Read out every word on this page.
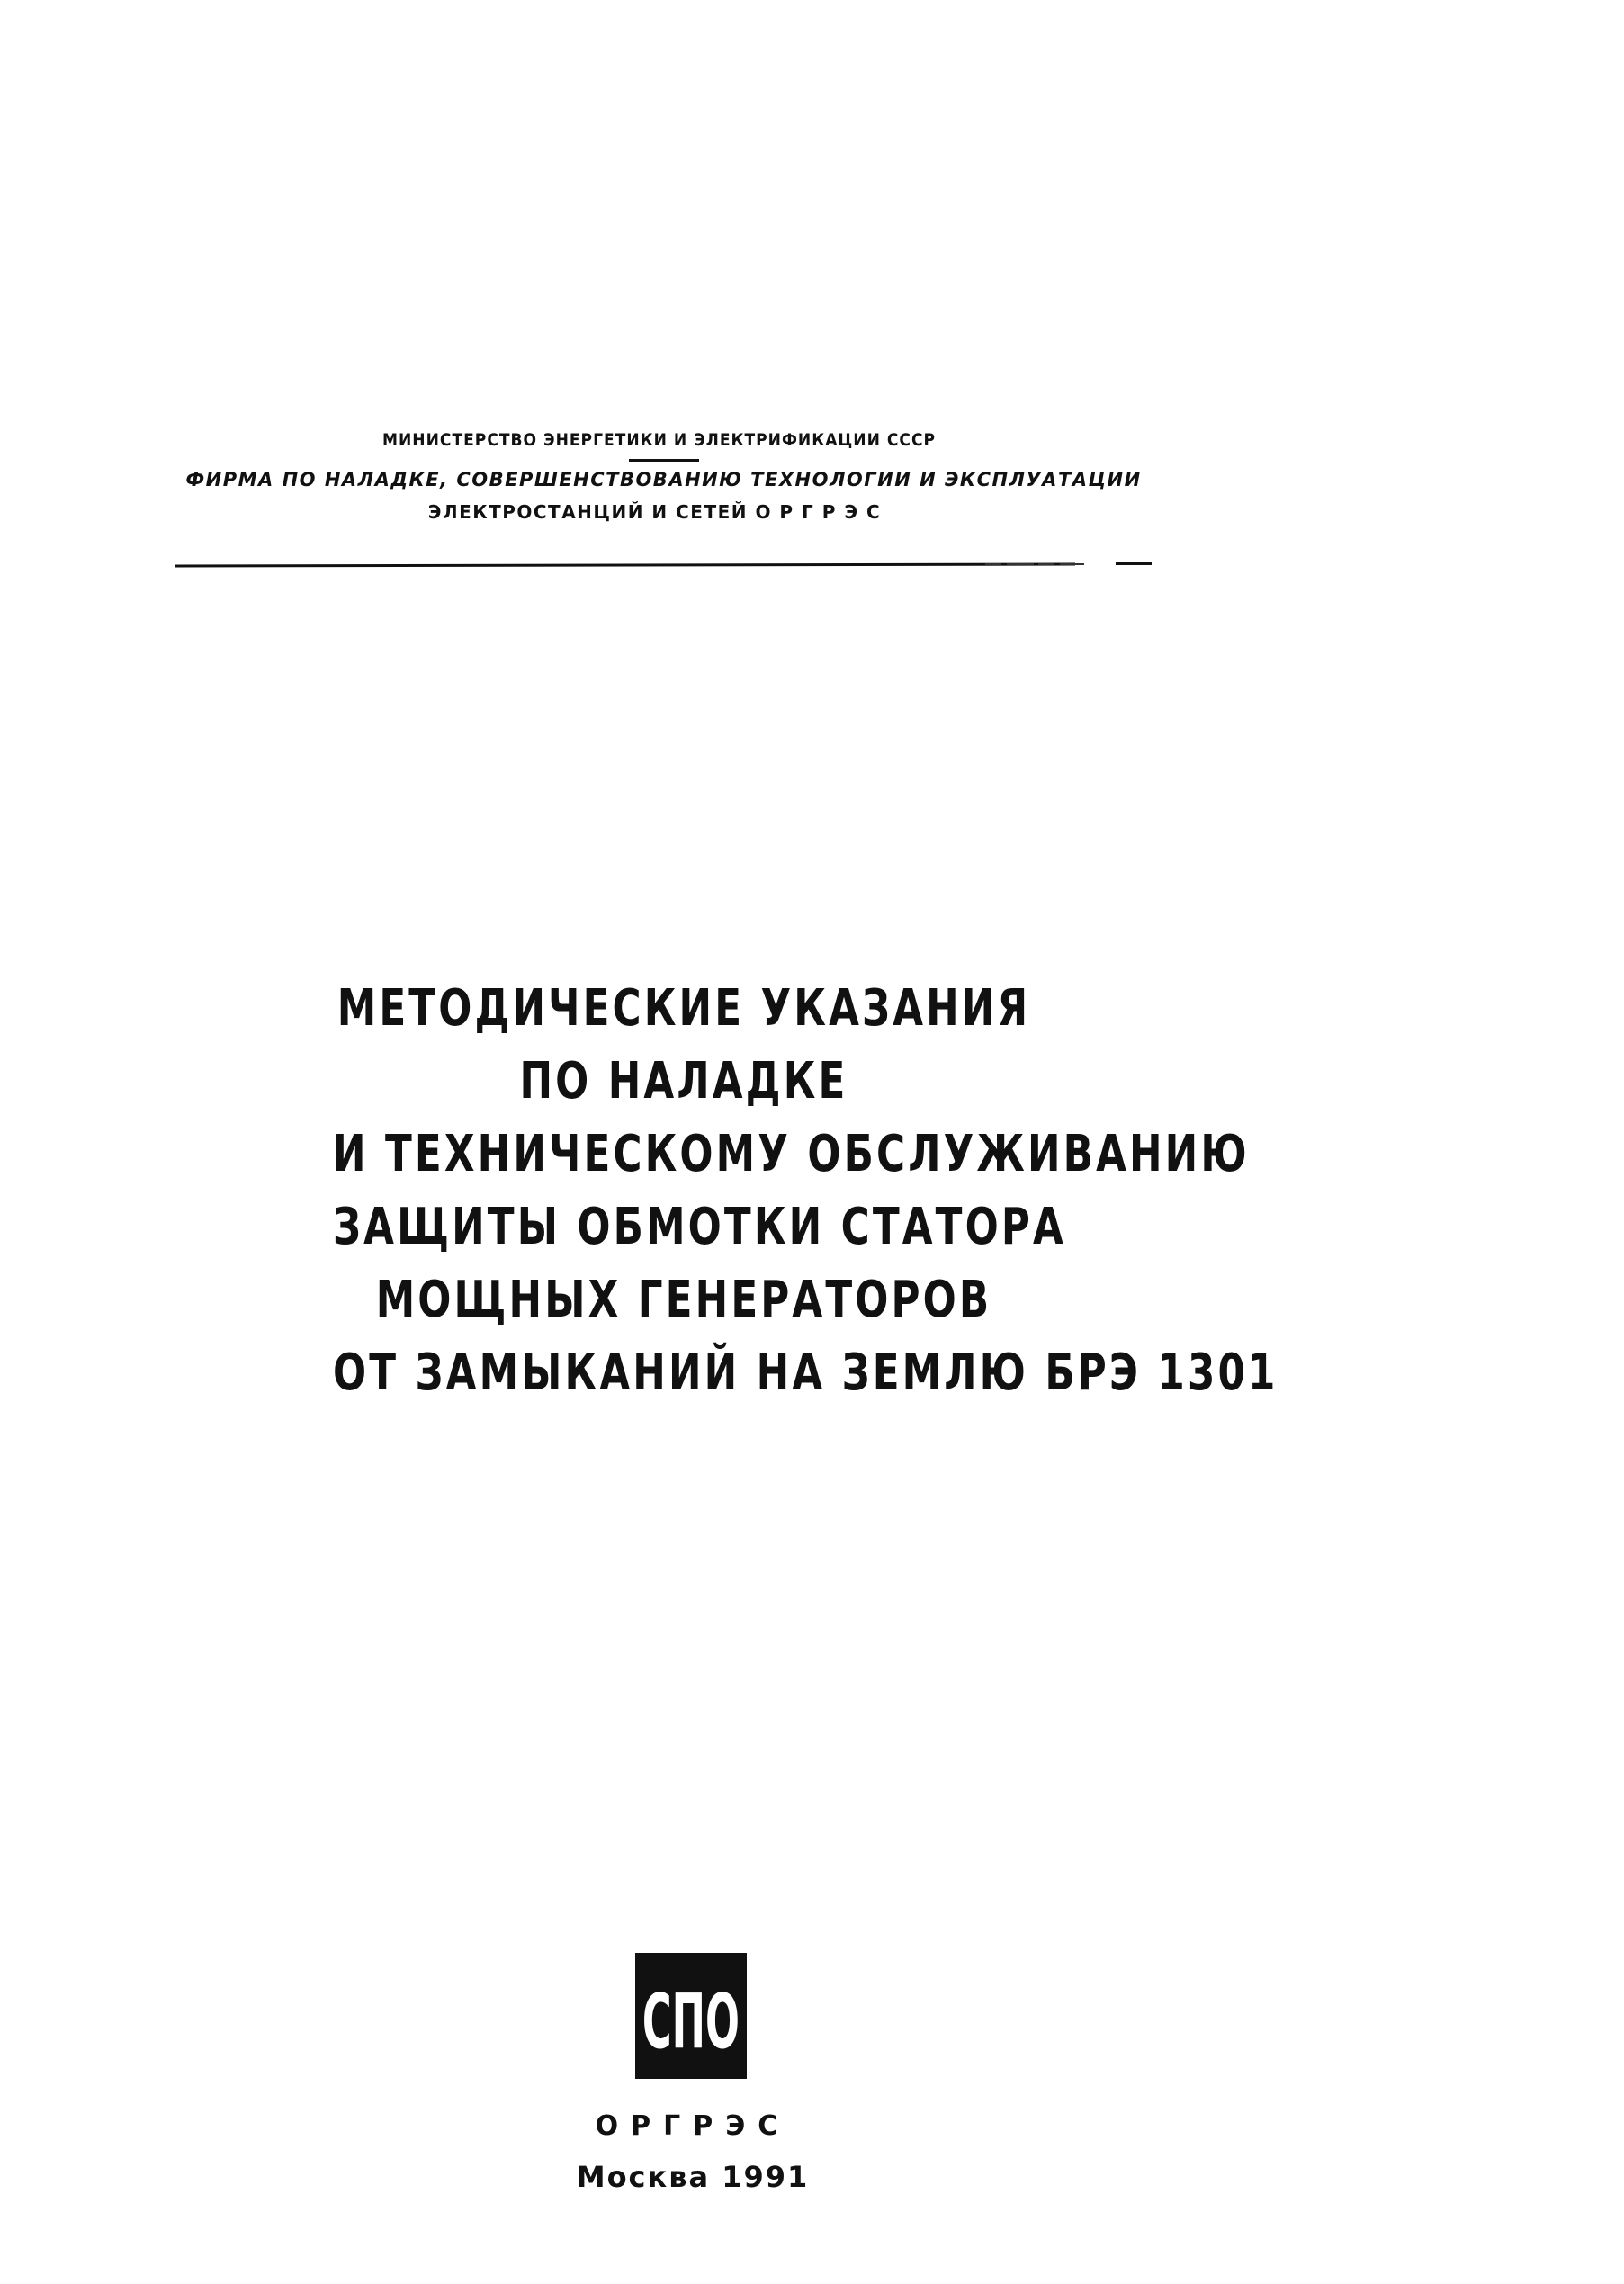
МИНИСТЕРСТВО ЭНЕРГЕТИКИ И ЭЛЕКТРИФИКАЦИИ СССР
ФИРМА ПО НАЛАДКЕ, СОВЕРШЕНСТВОВАНИЮ ТЕХНОЛОГИИ И ЭКСПЛУАТАЦИИ
ЭЛЕКТРОСТАНЦИЙ И СЕТЕЙ О Р Г Р Э С
МЕТОДИЧЕСКИЕ УКАЗАНИЯ
ПО НАЛАДКЕ
И ТЕХНИЧЕСКОМУ ОБСЛУЖИВАНИЮ
ЗАЩИТЫ ОБМОТКИ СТАТОРА
МОЩНЫХ ГЕНЕРАТОРОВ
ОТ ЗАМЫКАНИЙ НА ЗЕМЛЮ БРЭ 1301
СПО
ОРГРЭС
Москва 1991
